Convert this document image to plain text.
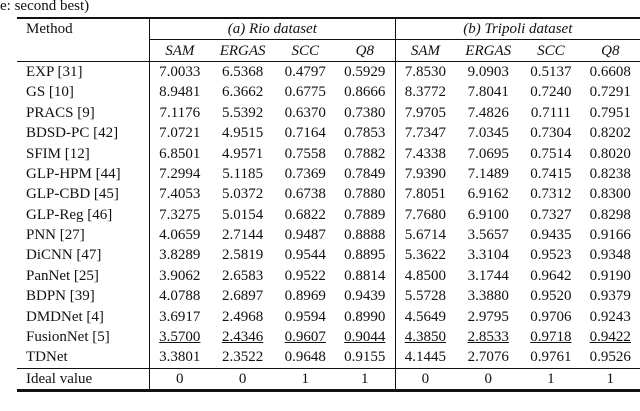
e: second best)
Method	(a) Rio dataset				(b) Tripoli dataset			
	SAM	ERGAS	SCC	Q8	SAM	ERGAS	SCC	Q8
EXP [31]	7.0033	6.5368	0.4797	0.5929	7.8530	9.0903	0.5137	0.6608
GS [10]	8.9481	6.3662	0.6775	0.8666	8.3772	7.8041	0.7240	0.7291
PRACS [9]	7.1176	5.5392	0.6370	0.7380	7.9705	7.4826	0.7111	0.7951
BDSD-PC [42]	7.0721	4.9515	0.7164	0.7853	7.7347	7.0345	0.7304	0.8202
SFIM [12]	6.8501	4.9571	0.7558	0.7882	7.4338	7.0695	0.7514	0.8020
GLP-HPM [44]	7.2994	5.1185	0.7369	0.7849	7.9390	7.1489	0.7415	0.8238
GLP-CBD [45]	7.4053	5.0372	0.6738	0.7880	7.8051	6.9162	0.7312	0.8300
GLP-Reg [46]	7.3275	5.0154	0.6822	0.7889	7.7680	6.9100	0.7327	0.8298
PNN [27]	4.0659	2.7144	0.9487	0.8888	5.6714	3.5657	0.9435	0.9166
DiCNN [47]	3.8289	2.5819	0.9544	0.8895	5.3622	3.3104	0.9523	0.9348
PanNet [25]	3.9062	2.6583	0.9522	0.8814	4.8500	3.1744	0.9642	0.9190
BDPN [39]	4.0788	2.6897	0.8969	0.9439	5.5728	3.3880	0.9520	0.9379
DMDNet [4]	3.6917	2.4968	0.9594	0.8990	4.5649	2.9795	0.9706	0.9243
FusionNet [5]	3.5700	2.4346	0.9607	0.9044	4.3850	2.8533	0.9718	0.9422
TDNet	3.3801	2.3522	0.9648	0.9155	4.1445	2.7076	0.9761	0.9526
Ideal value	0	0	1	1	0	0	1	1
